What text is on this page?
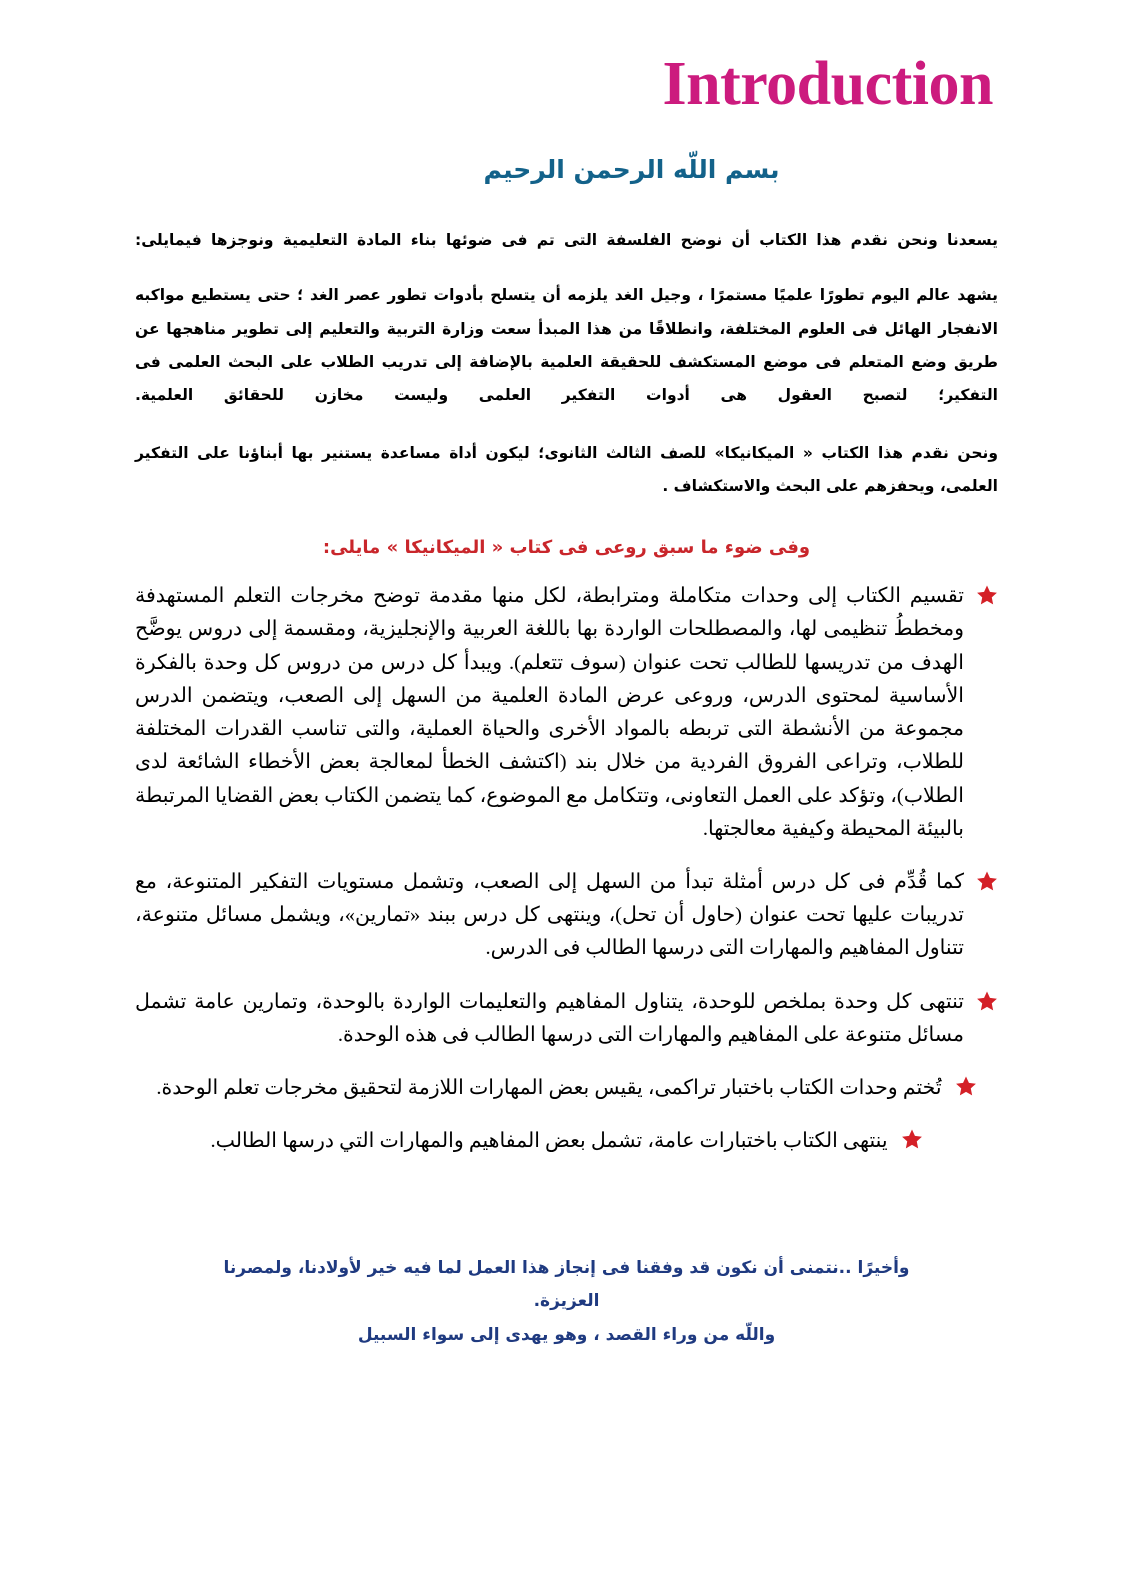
Introduction
بسم اللّه الرحمن الرحيم

يسعدنا ونحن نقدم هذا الكتاب أن نوضح الفلسفة التى تم فى ضوئها بناء المادة التعليمية ونوجزها فيمايلى:

يشهد عالم اليوم تطورًا علميًا مستمرًا ، وجيل الغد يلزمه أن يتسلح بأدوات تطور عصر الغد ؛ حتى يستطيع مواكبه الانفجار الهائل فى العلوم المختلفة، وانطلاقًا من هذا المبدأ سعت وزارة التربية والتعليم إلى تطوير مناهجها عن طريق وضع المتعلم فى موضع المستكشف للحقيقة العلمية بالإضافة إلى تدريب الطلاب على البحث العلمى فى التفكير؛ لتصبح العقول هى أدوات التفكير العلمى وليست مخازن للحقائق العلمية.

ونحن نقدم هذا الكتاب « الميكانيكا» للصف الثالث الثانوى؛ ليكون أداة مساعدة يستنير بها أبناؤنا على التفكير العلمى، ويحفزهم على البحث والاستكشاف .

وفى ضوء ما سبق روعى فى كتاب « الميكانيكا » مايلى:
تقسيم الكتاب إلى وحدات متكاملة ومترابطة، لكل منها مقدمة توضح مخرجات التعلم المستهدفة ومخططُ تنظيمى لها، والمصطلحات الواردة بها باللغة العربية والإنجليزية، ومقسمة إلى دروس يوضَّح الهدف من تدريسها للطالب تحت عنوان (سوف تتعلم). ويبدأ كل درس من دروس كل وحدة بالفكرة الأساسية لمحتوى الدرس، وروعى عرض المادة العلمية من السهل إلى الصعب، ويتضمن الدرس مجموعة من الأنشطة التى تربطه بالمواد الأخرى والحياة العملية، والتى تناسب القدرات المختلفة للطلاب، وتراعى الفروق الفردية من خلال بند (اكتشف الخطأ لمعالجة بعض الأخطاء الشائعة لدى الطلاب)، وتؤكد على العمل التعاونى، وتتكامل مع الموضوع، كما يتضمن الكتاب بعض القضايا المرتبطة بالبيئة المحيطة وكيفية معالجتها.
كما قُدِّم فى كل درس أمثلة تبدأ من السهل إلى الصعب، وتشمل مستويات التفكير المتنوعة، مع تدريبات عليها تحت عنوان (حاول أن تحل)، وينتهى كل درس ببند «تمارين»، ويشمل مسائل متنوعة، تتناول المفاهيم والمهارات التى درسها الطالب فى الدرس.
تنتهى كل وحدة بملخص للوحدة، يتناول المفاهيم والتعليمات الواردة بالوحدة، وتمارين عامة تشمل مسائل متنوعة على المفاهيم والمهارات التى درسها الطالب فى هذه الوحدة.
تُختم وحدات الكتاب باختبار تراكمى، يقيس بعض المهارات اللازمة لتحقيق مخرجات تعلم الوحدة.
ينتهى الكتاب باختبارات عامة، تشمل بعض المفاهيم والمهارات التي درسها الطالب.
وأخيرًا ..نتمنى أن نكون قد وفقنا فى إنجاز هذا العمل لما فيه خير لأولادنا، ولمصرنا العزيزة.
واللّه من وراء القصد ، وهو يهدى إلى سواء السبيل
